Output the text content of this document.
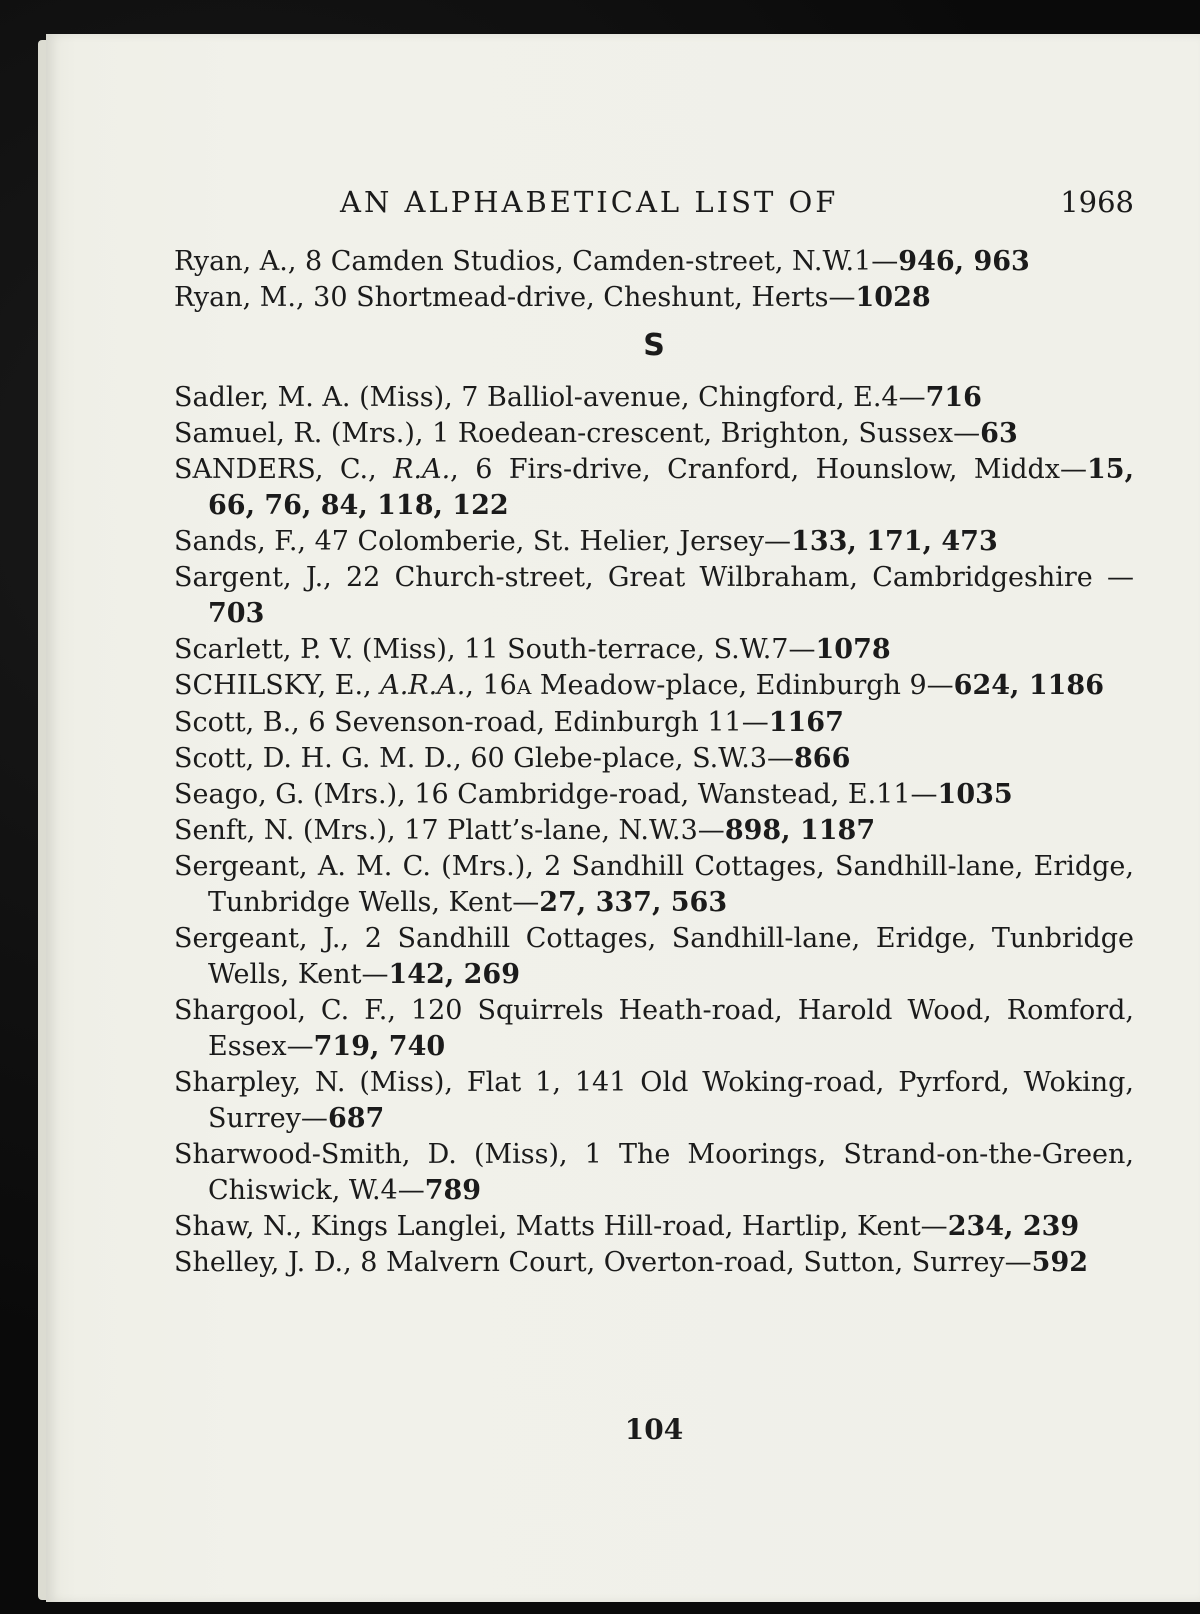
AN ALPHABETICAL LIST OF	1968
Ryan, A., 8 Camden Studios, Camden-street, N.W.1—946, 963
Ryan, M., 30 Shortmead-drive, Cheshunt, Herts—1028
S
Sadler, M. A. (Miss), 7 Balliol-avenue, Chingford, E.4—716
Samuel, R. (Mrs.), 1 Roedean-crescent, Brighton, Sussex—63
SANDERS, C., R.A., 6 Firs-drive, Cranford, Hounslow, Middx—15, 66, 76, 84, 118, 122
Sands, F., 47 Colomberie, St. Helier, Jersey—133, 171, 473
Sargent, J., 22 Church-street, Great Wilbraham, Cambridgeshire —703
Scarlett, P. V. (Miss), 11 South-terrace, S.W.7—1078
SCHILSKY, E., A.R.A., 16A Meadow-place, Edinburgh 9—624, 1186
Scott, B., 6 Sevenson-road, Edinburgh 11—1167
Scott, D. H. G. M. D., 60 Glebe-place, S.W.3—866
Seago, G. (Mrs.), 16 Cambridge-road, Wanstead, E.11—1035
Senft, N. (Mrs.), 17 Platt’s-lane, N.W.3—898, 1187
Sergeant, A. M. C. (Mrs.), 2 Sandhill Cottages, Sandhill-lane, Eridge, Tunbridge Wells, Kent—27, 337, 563
Sergeant, J., 2 Sandhill Cottages, Sandhill-lane, Eridge, Tunbridge Wells, Kent—142, 269
Shargool, C. F., 120 Squirrels Heath-road, Harold Wood, Romford, Essex—719, 740
Sharpley, N. (Miss), Flat 1, 141 Old Woking-road, Pyrford, Woking, Surrey—687
Sharwood-Smith, D. (Miss), 1 The Moorings, Strand-on-the-Green, Chiswick, W.4—789
Shaw, N., Kings Langlei, Matts Hill-road, Hartlip, Kent—234, 239
Shelley, J. D., 8 Malvern Court, Overton-road, Sutton, Surrey—592
104
